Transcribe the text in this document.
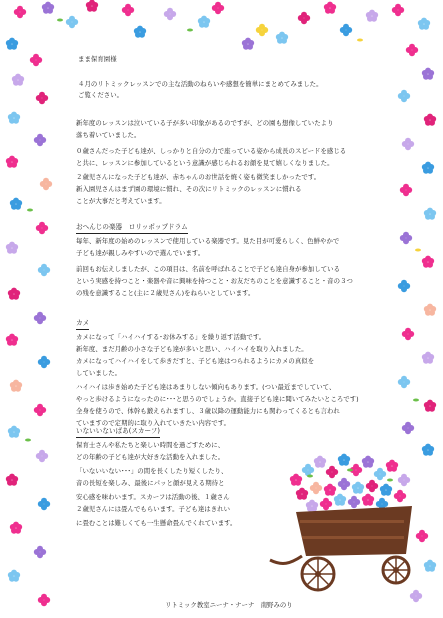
まま保育園様
４月のリトミックレッスンでの主な活動のねらいや感想を簡単にまとめてみました。
ご覧ください。
新年度のレッスンは泣いている子が多い印象があるのですが、どの園も想像していたより
落ち着いていました。
０歳さんだった子ども達が、しっかりと自分の力で座っている姿から成長のスピードを感じる
と共に、レッスンに参加しているという意識が感じられるお顔を見て嬉しくなりました。
２歳児さんになった子ども達が、赤ちゃんのお世話を焼く姿も微笑ましかったです。
新入園児さんはまず園の環境に慣れ、その次にリトミックのレッスンに慣れる
ことが大事だと考えています。
おへんじの楽器　ロリッポップドラム
毎年、新年度の始めのレッスンで使用している楽器です。見た目が可愛らしく、色鮮やかで
子ども達が親しみやすいので選んでいます。
前回もお伝えしましたが、この項目は、名前を呼ばれることで子ども達自身が参加している
という実感を持つこと・楽器や音に興味を持つこと・お友だちのことを意識すること・音の３つ
の残を意識すること(主に２歳児さん)をねらいとしています。
カメ
カメになって「ハイハイする･お休みする」を繰り返す活動です。
新年度、まだ月齢の小さな子ども達が多いと思い、ハイハイを取り入れました。
カメになってハイハイをして歩きだすと、子ども達はつられるようにカメの真似を
していました。
ハイハイは歩き始めた子ども達はあまりしない傾向もあります。(つい最近までしていて、
やっと歩けるようになったのに･･･と思うのでしょうか。直接子ども達に聞いてみたいところです)
全身を使うので、体幹も鍛えられますし、３歳以降の運動能力にも関わってくるとも言われ
ていますので定期的に取り入れていきたい内容です。
いないいないばあ(スカーフ)
保育士さんや私たちと楽しい時間を過ごすために、
どの年齢の子ども達が大好きな活動を入れました。
「いないいない･･･」の間を長くしたり短くしたり、
音の長短を楽しみ、最後にパッと顔が見える期待と
安心感を味わいます。スカーフは活動の後、１歳さん
２歳児さんには畳んでもらいます。子ども達はきれい
に畳むことは難しくても一生懸命畳んでくれています。
リトミック教室ニーナ・ナーナ　南野みのり
